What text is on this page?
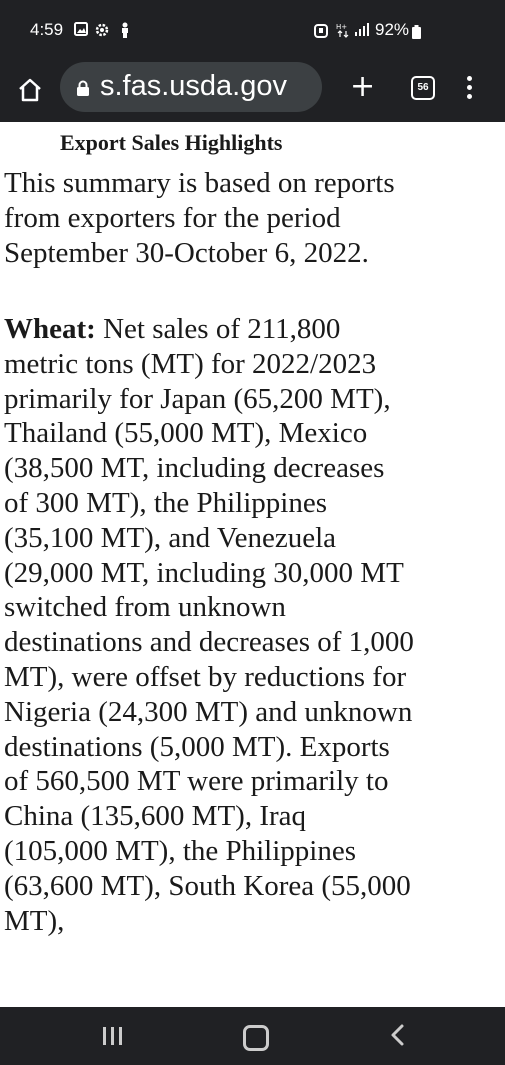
4:59	H+ 92%
s.fas.usda.gov +	56
Export Sales Highlights

This summary is based on reports from exporters for the period September 30-October 6, 2022.

Wheat: Net sales of 211,800 metric tons (MT) for 2022/2023 primarily for Japan (65,200 MT), Thailand (55,000 MT), Mexico (38,500 MT, including decreases of 300 MT), the Philippines (35,100 MT), and Venezuela (29,000 MT, including 30,000 MT switched from unknown destinations and decreases of 1,000 MT), were offset by reductions for Nigeria (24,300 MT) and unknown destinations (5,000 MT). Exports of 560,500 MT were primarily to China (135,600 MT), Iraq (105,000 MT), the Philippines (63,600 MT), South Korea (55,000 MT),
